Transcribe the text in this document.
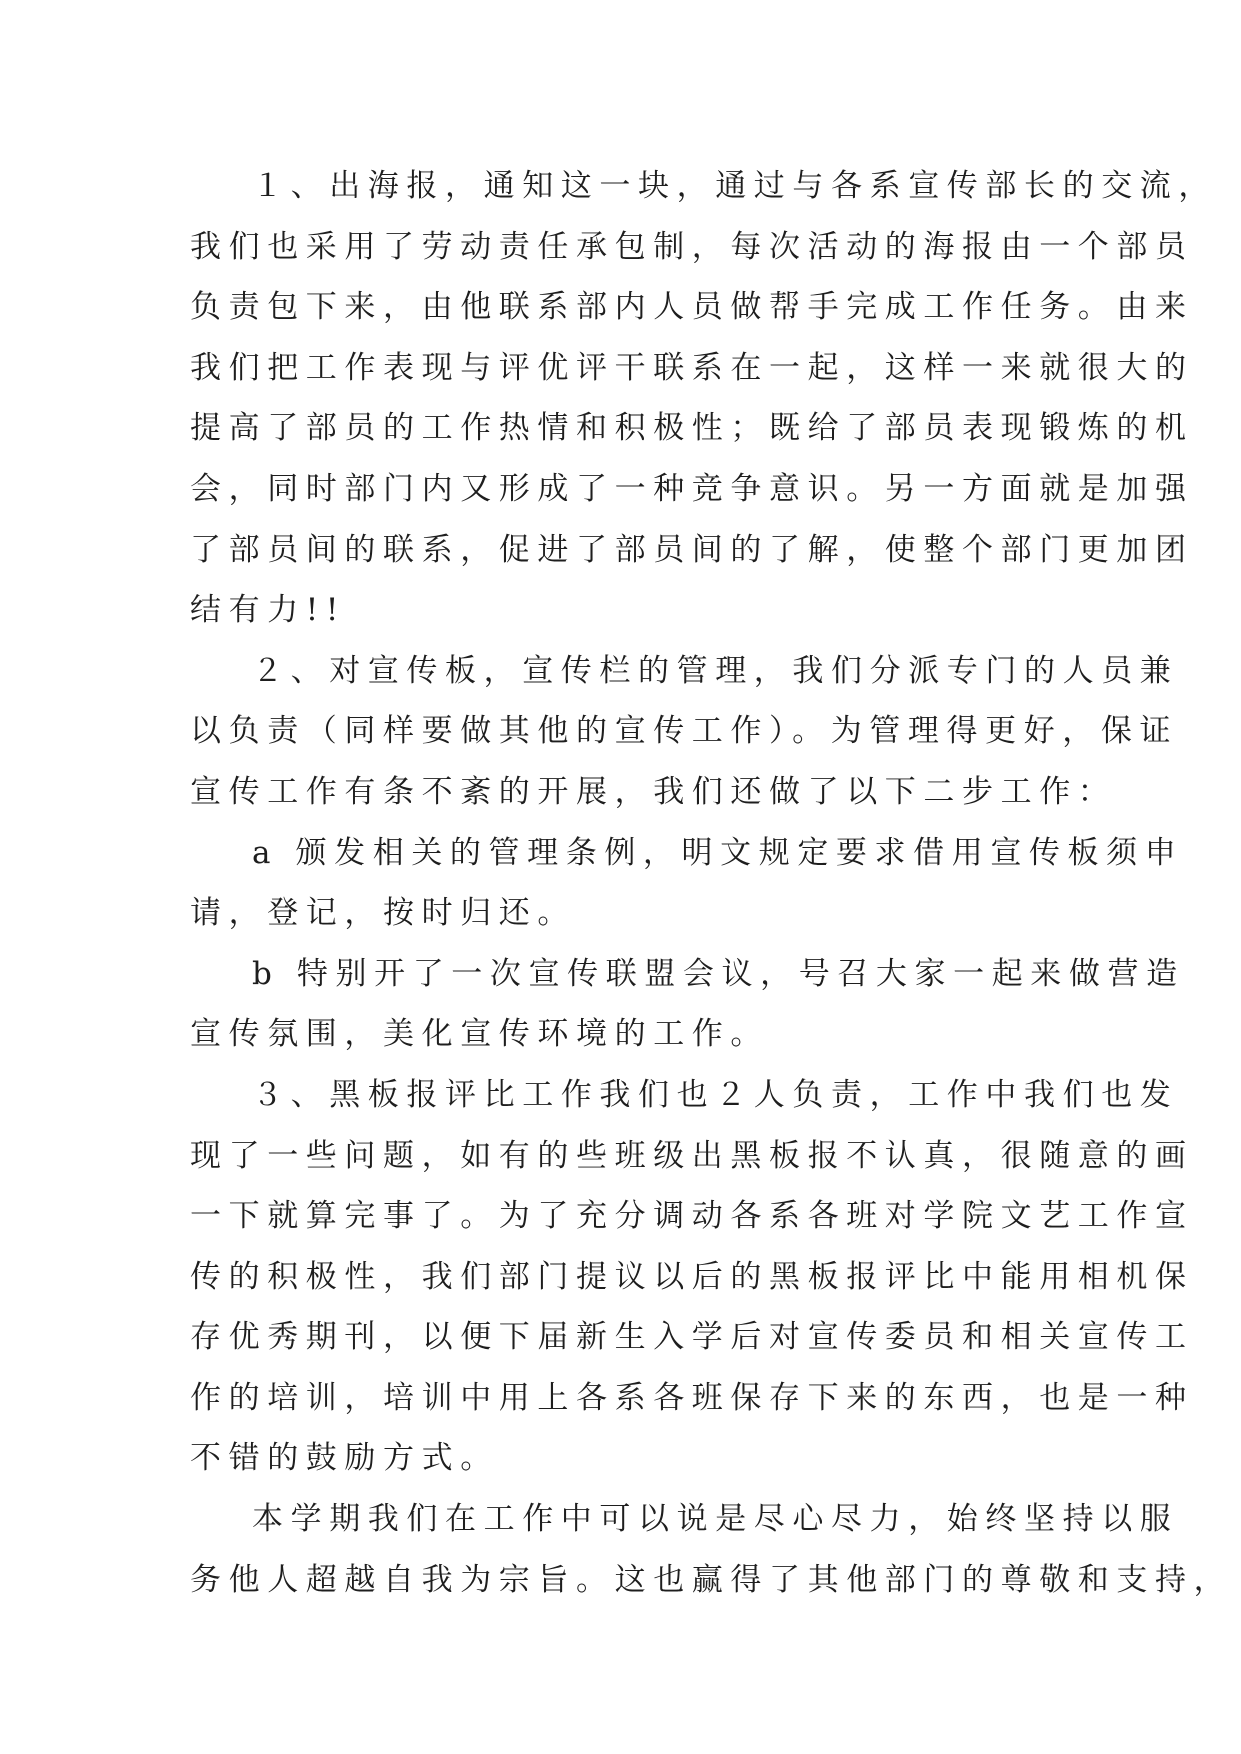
１、出海报，通知这一块，通过与各系宣传部长的交流，
我们也采用了劳动责任承包制，每次活动的海报由一个部员
负责包下来，由他联系部内人员做帮手完成工作任务。由来
我们把工作表现与评优评干联系在一起，这样一来就很大的
提高了部员的工作热情和积极性；既给了部员表现锻炼的机
会，同时部门内又形成了一种竞争意识。另一方面就是加强
了部员间的联系，促进了部员间的了解，使整个部门更加团
结有力!!

２、对宣传板，宣传栏的管理，我们分派专门的人员兼
以负责（同样要做其他的宣传工作）。为管理得更好，保证
宣传工作有条不紊的开展，我们还做了以下二步工作：

a 颁发相关的管理条例，明文规定要求借用宣传板须申
请，登记，按时归还。

b 特别开了一次宣传联盟会议，号召大家一起来做营造
宣传氛围，美化宣传环境的工作。

３、黑板报评比工作我们也２人负责，工作中我们也发
现了一些问题，如有的些班级出黑板报不认真，很随意的画
一下就算完事了。为了充分调动各系各班对学院文艺工作宣
传的积极性，我们部门提议以后的黑板报评比中能用相机保
存优秀期刊，以便下届新生入学后对宣传委员和相关宣传工
作的培训，培训中用上各系各班保存下来的东西，也是一种
不错的鼓励方式。

本学期我们在工作中可以说是尽心尽力，始终坚持以服
务他人超越自我为宗旨。这也赢得了其他部门的尊敬和支持，
